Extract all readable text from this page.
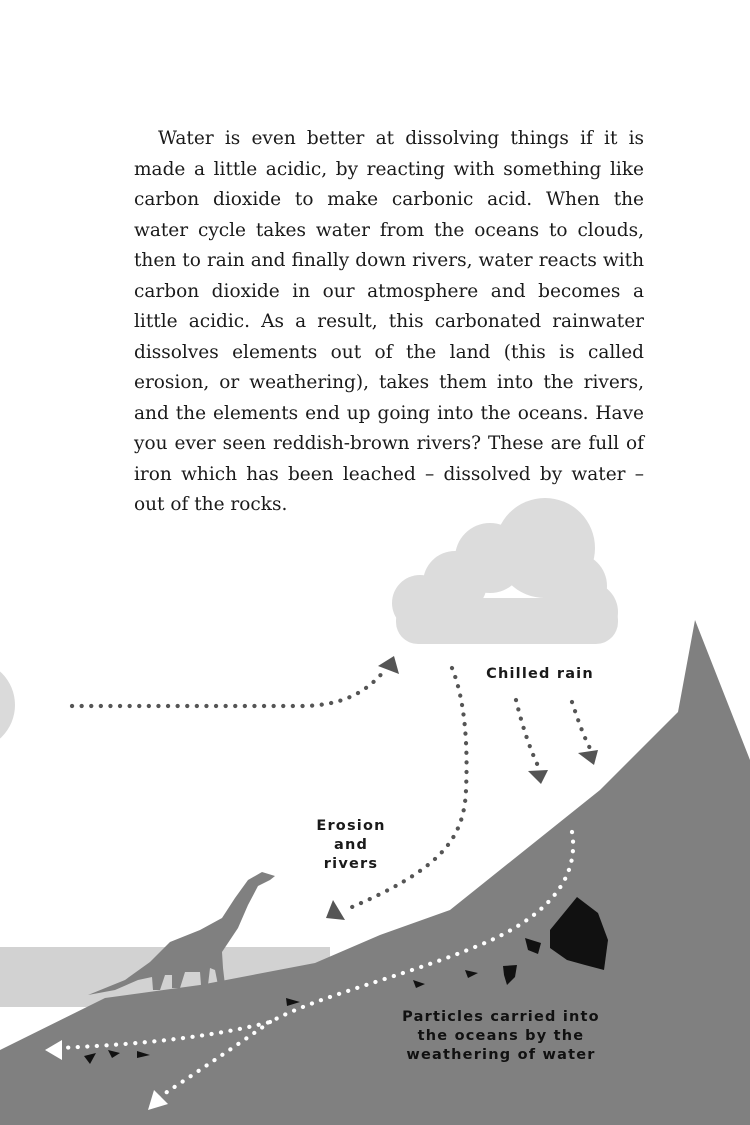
Water is even better at dissolving things if it is made a little acidic, by reacting with something like carbon dioxide to make carbonic acid. When the water cycle takes water from the oceans to clouds, then to rain and finally down rivers, water reacts with carbon dioxide in our atmosphere and becomes a little acidic. As a result, this carbonated rainwater dissolves elements out of the land (this is called erosion, or weathering), takes them into the rivers, and the elements end up going into the oceans. Have you ever seen reddish-brown rivers? These are full of iron which has been leached – dissolved by water – out of the rocks.

Chilled rain
Erosion
and
rivers
Particles carried into
the oceans by the
weathering of water
